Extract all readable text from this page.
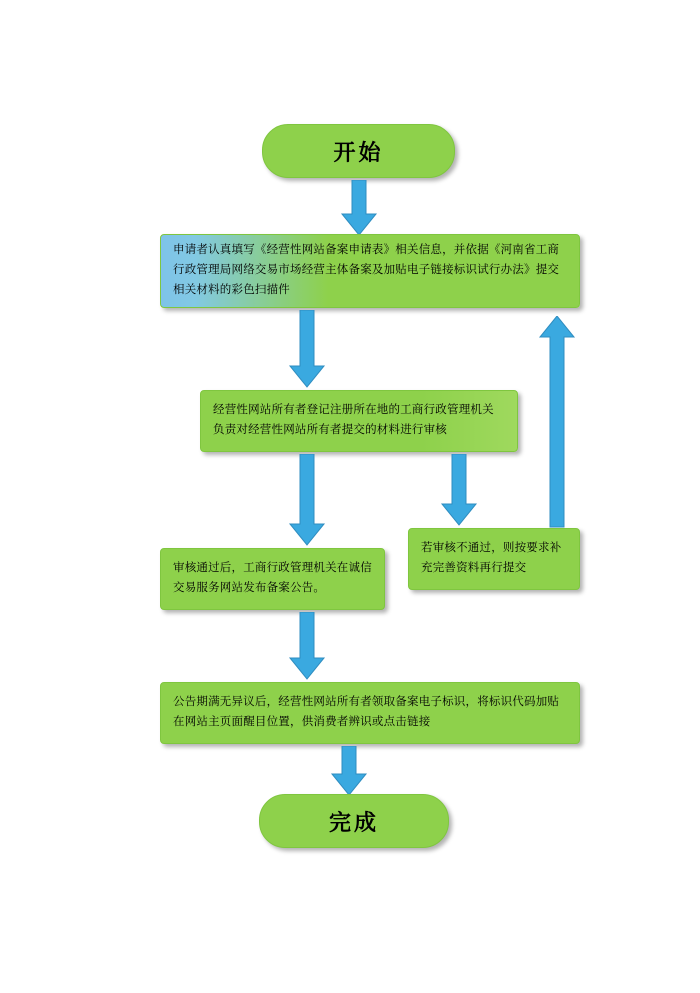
开始
申请者认真填写《经营性网站备案申请表》相关信息，并依据《河南省工商行政管理局网络交易市场经营主体备案及加贴电子链接标识试行办法》提交相关材料的彩色扫描件
经营性网站所有者登记注册所在地的工商行政管理机关负责对经营性网站所有者提交的材料进行审核
若审核不通过，则按要求补充完善资料再行提交
审核通过后，工商行政管理机关在诚信交易服务网站发布备案公告。
公告期满无异议后，经营性网站所有者领取备案电子标识，将标识代码加贴在网站主页面醒目位置，供消费者辨识或点击链接
完成
